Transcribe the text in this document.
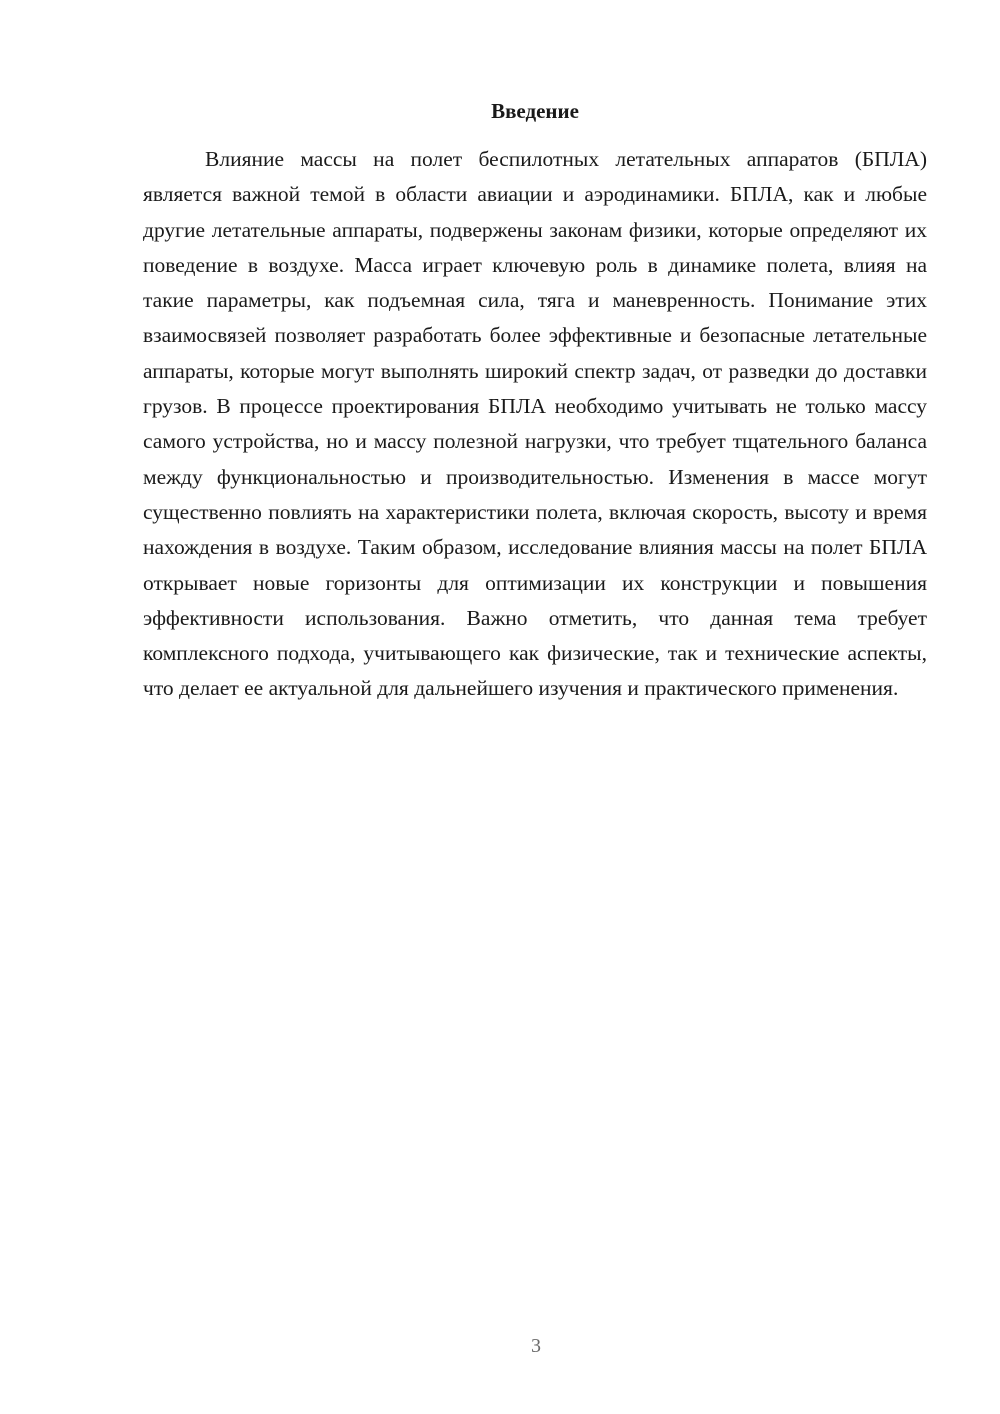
Введение

Влияние массы на полет беспилотных летательных аппаратов (БПЛА) является важной темой в области авиации и аэродинамики. БПЛА, как и любые другие летательные аппараты, подвержены законам физики, которые определяют их поведение в воздухе. Масса играет ключевую роль в динамике полета, влияя на такие параметры, как подъемная сила, тяга и маневренность. Понимание этих взаимосвязей позволяет разработать более эффективные и безопасные летательные аппараты, которые могут выполнять широкий спектр задач, от разведки до доставки грузов. В процессе проектирования БПЛА необходимо учитывать не только массу самого устройства, но и массу полезной нагрузки, что требует тщательного баланса между функциональностью и производительностью. Изменения в массе могут существенно повлиять на характеристики полета, включая скорость, высоту и время нахождения в воздухе. Таким образом, исследование влияния массы на полет БПЛА открывает новые горизонты для оптимизации их конструкции и повышения эффективности использования. Важно отметить, что данная тема требует комплексного подхода, учитывающего как физические, так и технические аспекты, что делает ее актуальной для дальнейшего изучения и практического применения.

3
